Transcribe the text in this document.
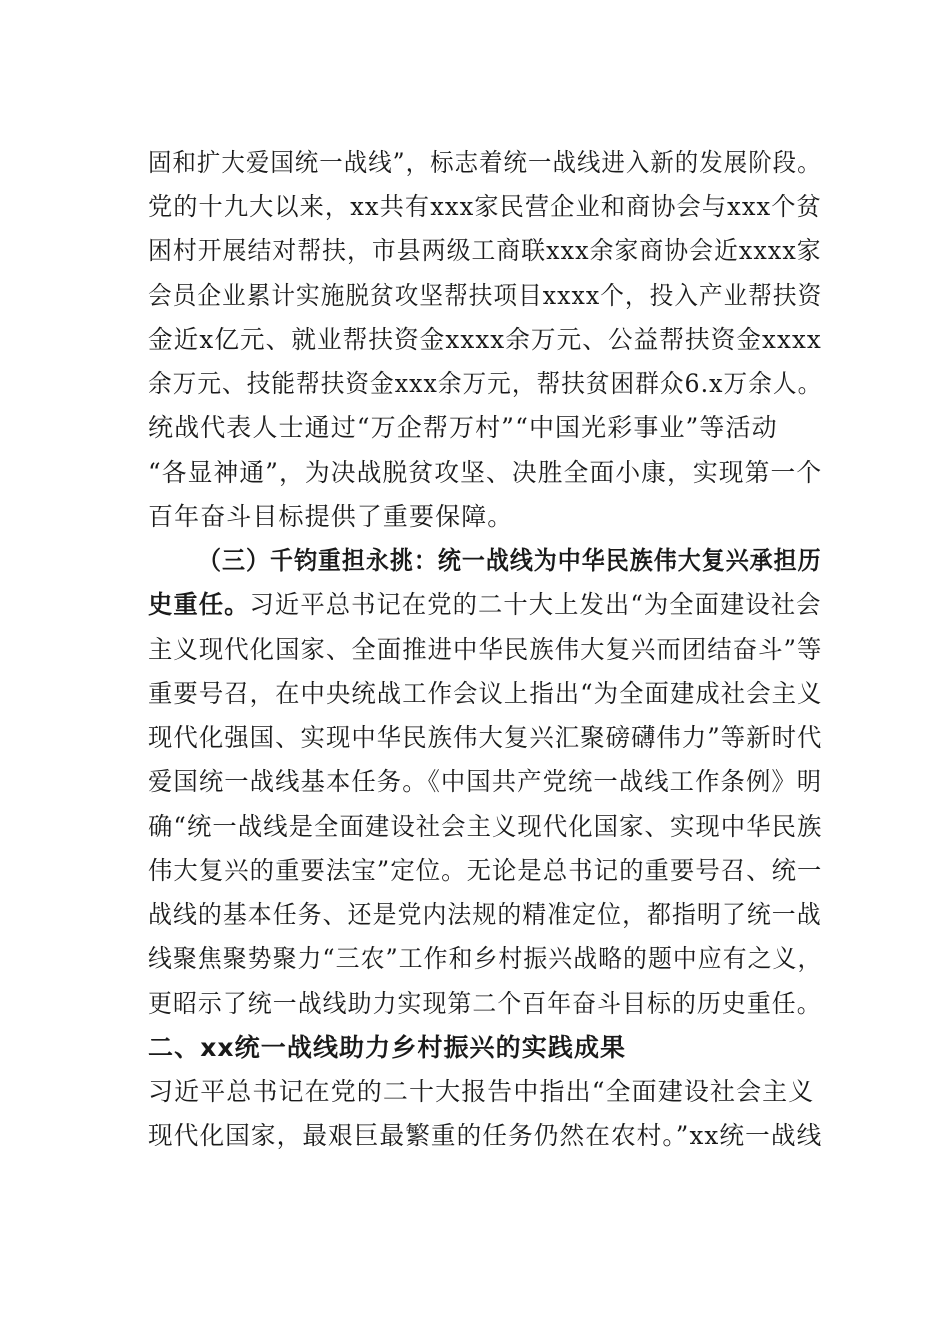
固和扩大爱国统一战线”，标志着统一战线进入新的发展阶段。
党的十九大以来，xx共有xxx家民营企业和商协会与xxx个贫
困村开展结对帮扶，市县两级工商联xxx余家商协会近xxxx家
会员企业累计实施脱贫攻坚帮扶项目xxxx个，投入产业帮扶资
金近x亿元、就业帮扶资金xxxx余万元、公益帮扶资金xxxx
余万元、技能帮扶资金xxx余万元，帮扶贫困群众6.x万余人。
统战代表人士通过“万企帮万村”“中国光彩事业”等活动
“各显神通”，为决战脱贫攻坚、决胜全面小康，实现第一个
百年奋斗目标提供了重要保障。
（三）千钧重担永挑：统一战线为中华民族伟大复兴承担历
史重任。习近平总书记在党的二十大上发出“为全面建设社会
主义现代化国家、全面推进中华民族伟大复兴而团结奋斗”等
重要号召，在中央统战工作会议上指出“为全面建成社会主义
现代化强国、实现中华民族伟大复兴汇聚磅礴伟力”等新时代
爱国统一战线基本任务。《中国共产党统一战线工作条例》明
确“统一战线是全面建设社会主义现代化国家、实现中华民族
伟大复兴的重要法宝”定位。无论是总书记的重要号召、统一
战线的基本任务、还是党内法规的精准定位，都指明了统一战
线聚焦聚势聚力“三农”工作和乡村振兴战略的题中应有之义，
更昭示了统一战线助力实现第二个百年奋斗目标的历史重任。
二、xx统一战线助力乡村振兴的实践成果
习近平总书记在党的二十大报告中指出“全面建设社会主义
现代化国家，最艰巨最繁重的任务仍然在农村。”xx统一战线
